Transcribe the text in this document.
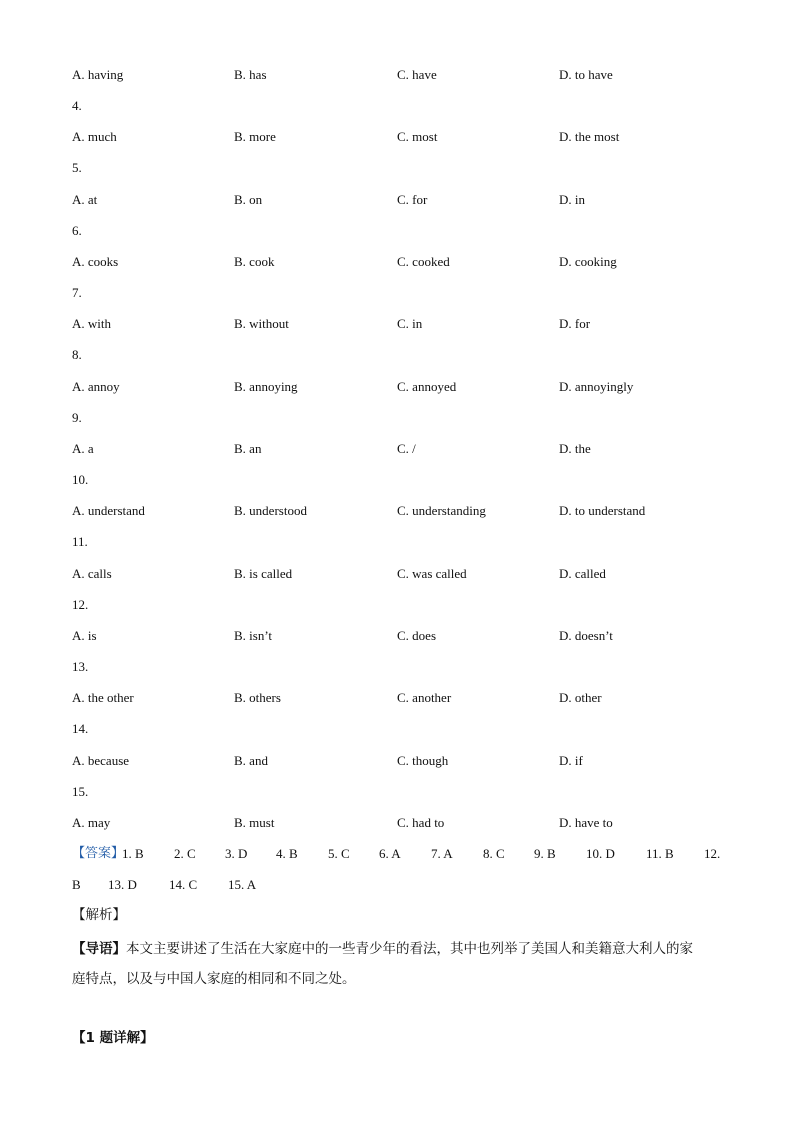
A. having	B. has	C. have	D. to have
4.
A. much	B. more	C. most	D. the most
5.
A. at	B. on	C. for	D. in
6.
A. cooks	B. cook	C. cooked	D. cooking
7.
A. with	B. without	C. in	D. for
8.
A. annoy	B. annoying	C. annoyed	D. annoyingly
9.
A. a	B. an	C. /	D. the
10.
A. understand	B. understood	C. understanding	D. to understand
11.
A. calls	B. is called	C. was called	D. called
12.
A. is	B. isn’t	C. does	D. doesn’t
13.
A. the other	B. others	C. another	D. other
14.
A. because	B. and	C. though	D. if
15.
A. may	B. must	C. had to	D. have to
【答案】
1. B 2. C 3. D 4. B 5. C 6. A 7. A 8. C 9. B 10. D 11. B 12.
B 13. D 14. C 15. A
【解析】
【导语】本文主要讲述了生活在大家庭中的一些青少年的看法，其中也列举了美国人和美籍意大利人的家
庭特点，以及与中国人家庭的相同和不同之处。
【1 题详解】
